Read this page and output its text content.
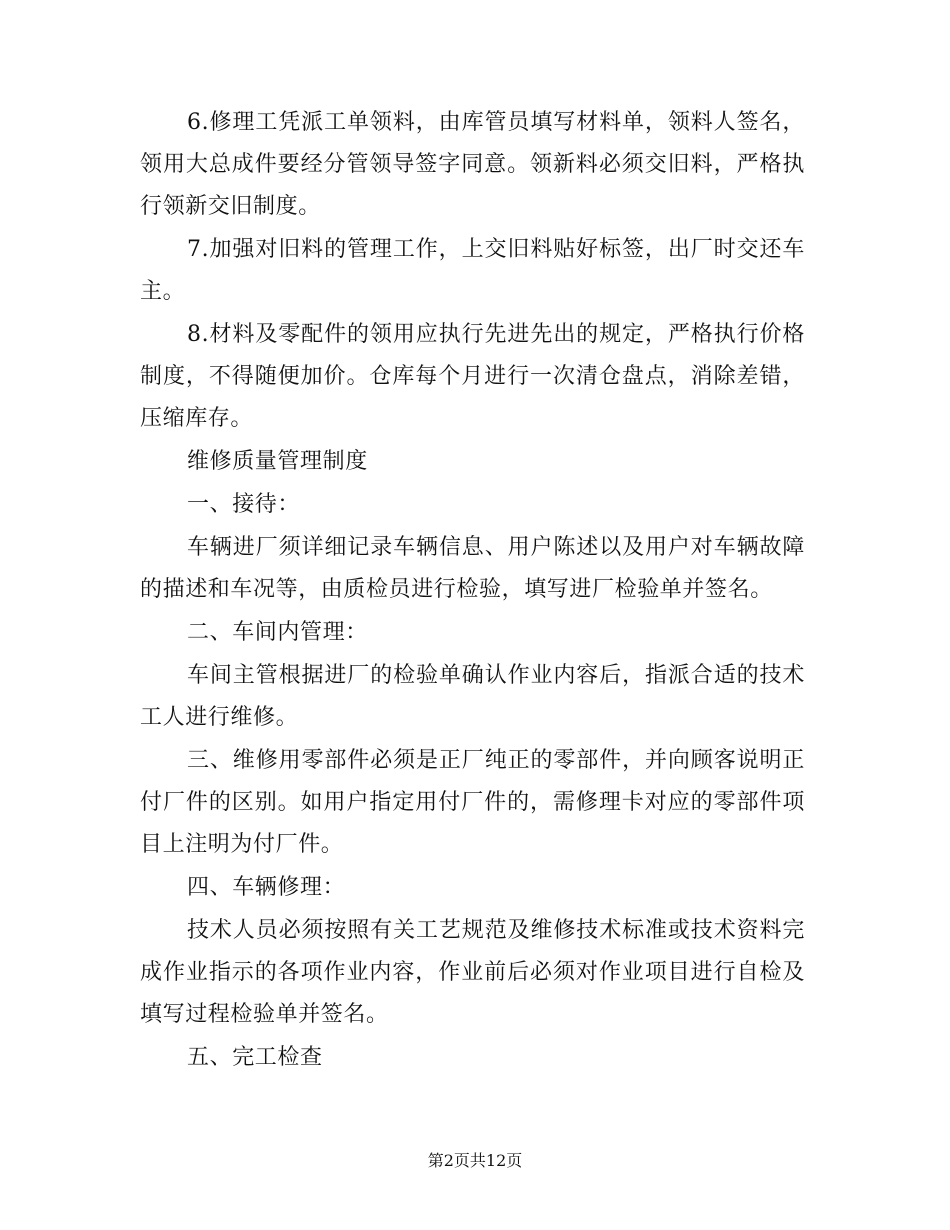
6.修理工凭派工单领料，由库管员填写材料单，领料人签名，领用大总成件要经分管领导签字同意。领新料必须交旧料，严格执行领新交旧制度。

7.加强对旧料的管理工作，上交旧料贴好标签，出厂时交还车主。

8.材料及零配件的领用应执行先进先出的规定，严格执行价格制度，不得随便加价。仓库每个月进行一次清仓盘点，消除差错，压缩库存。

维修质量管理制度

一、接待：

车辆进厂须详细记录车辆信息、用户陈述以及用户对车辆故障的描述和车况等，由质检员进行检验，填写进厂检验单并签名。

二、车间内管理：

车间主管根据进厂的检验单确认作业内容后，指派合适的技术工人进行维修。

三、维修用零部件必须是正厂纯正的零部件，并向顾客说明正付厂件的区别。如用户指定用付厂件的，需修理卡对应的零部件项目上注明为付厂件。

四、车辆修理：

技术人员必须按照有关工艺规范及维修技术标准或技术资料完成作业指示的各项作业内容，作业前后必须对作业项目进行自检及填写过程检验单并签名。

五、完工检查

第2页共12页
